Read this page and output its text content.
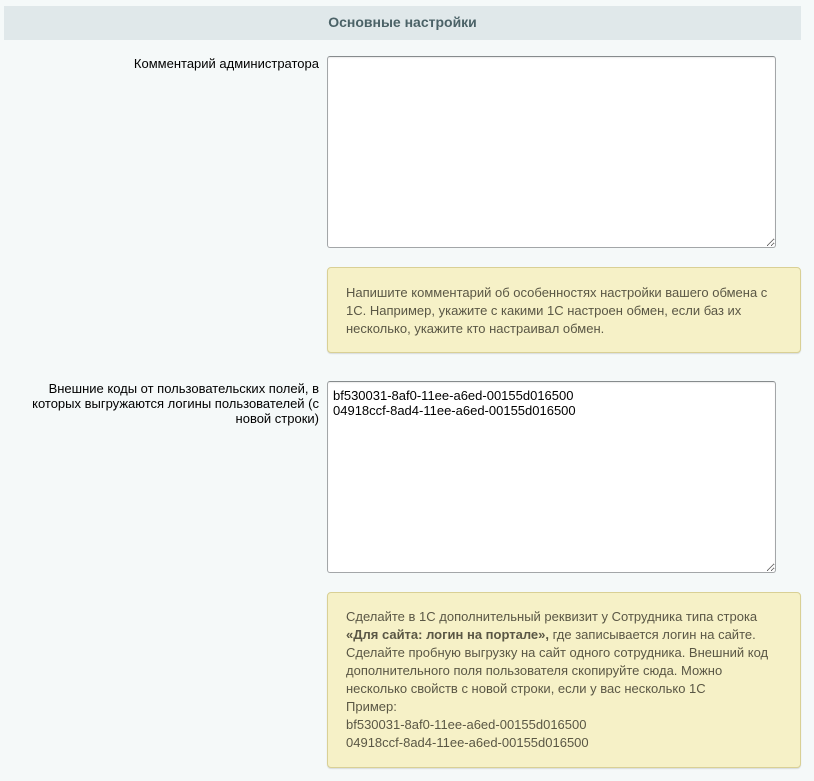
Основные настройки
Комментарий администратора

Напишите комментарий об особенностях настройки вашего обмена с 1С. Например, укажите с какими 1С настроен обмен, если баз их несколько, укажите кто настраивал обмен.

Внешние коды от пользовательских полей, в которых выгружаются логины пользователей (с новой строки)
bf530031-8af0-11ee-a6ed-00155d016500 04918ccf-8ad4-11ee-a6ed-00155d016500

Сделайте в 1С дополнительный реквизит у Сотрудника типа строка
«Для сайта: логин на портале», где записывается логин на сайте. Сделайте пробную выгрузку на сайт одного сотрудника. Внешний код дополнительного поля пользователя скопируйте сюда. Можно несколько свойств с новой строки, если у вас несколько 1С

Пример:

bf530031-8af0-11ee-a6ed-00155d016500

04918ccf-8ad4-11ee-a6ed-00155d016500
